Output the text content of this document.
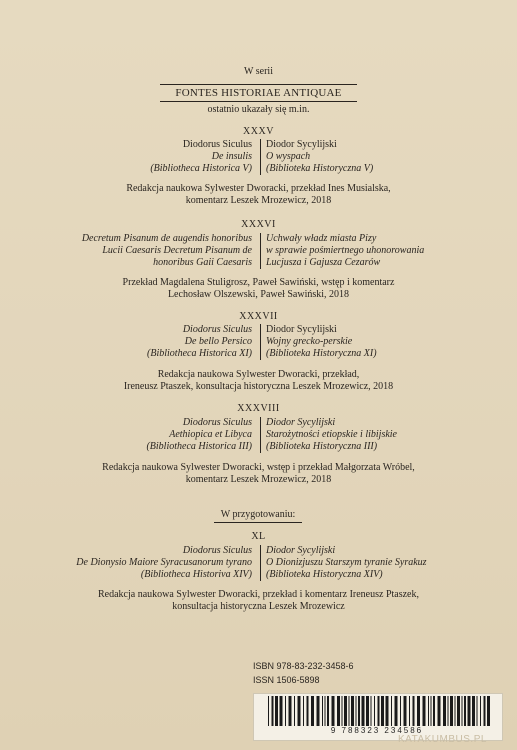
W serii
FONTES HISTORIAE ANTIQUAE
ostatnio ukazały się m.in.
XXXV
Diodorus Siculus
De insulis
(Bibliotheca Historica V)
Diodor Sycylijski
O wyspach
(Biblioteka Historyczna V)
Redakcja naukowa Sylwester Dworacki, przekład Ines Musialska,
komentarz Leszek Mrozewicz, 2018
XXXVI
Decretum Pisanum de augendis honoribus
Lucii Caesaris Decretum Pisanum de
honoribus Gaii Caesaris
Uchwały władz miasta Pizy
w sprawie pośmiertnego uhonorowania
Lucjusza i Gajusza Cezarów
Przekład Magdalena Stuligrosz, Paweł Sawiński, wstęp i komentarz
Lechosław Olszewski, Paweł Sawiński, 2018
XXXVII
Diodorus Siculus
De bello Persico
(Bibliotheca Historica XI)
Diodor Sycylijski
Wojny grecko-perskie
(Biblioteka Historyczna XI)
Redakcja naukowa Sylwester Dworacki, przekład,
Ireneusz Ptaszek, konsultacja historyczna Leszek Mrozewicz, 2018
XXXVIII
Diodorus Siculus
Aethiopica et Libyca
(Bibliotheca Historica III)
Diodor Sycylijski
Starożytności etiopskie i libijskie
(Biblioteka Historyczna III)
Redakcja naukowa Sylwester Dworacki, wstęp i przekład Małgorzata Wróbel,
komentarz Leszek Mrozewicz, 2018
W przygotowaniu:
XL
Diodorus Siculus
De Dionysio Maiore Syracusanorum tyrano
(Bibliotheca Historiva XIV)
Diodor Sycylijski
O Dionizjuszu Starszym tyranie Syrakuz
(Biblioteka Historyczna XIV)
Redakcja naukowa Sylwester Dworacki, przekład i komentarz Ireneusz Ptaszek,
konsultacja historyczna Leszek Mrozewicz
ISBN 978-83-232-3458-6
ISSN 1506-5898
9 788323 234586
KATAKUMBUS.PL
